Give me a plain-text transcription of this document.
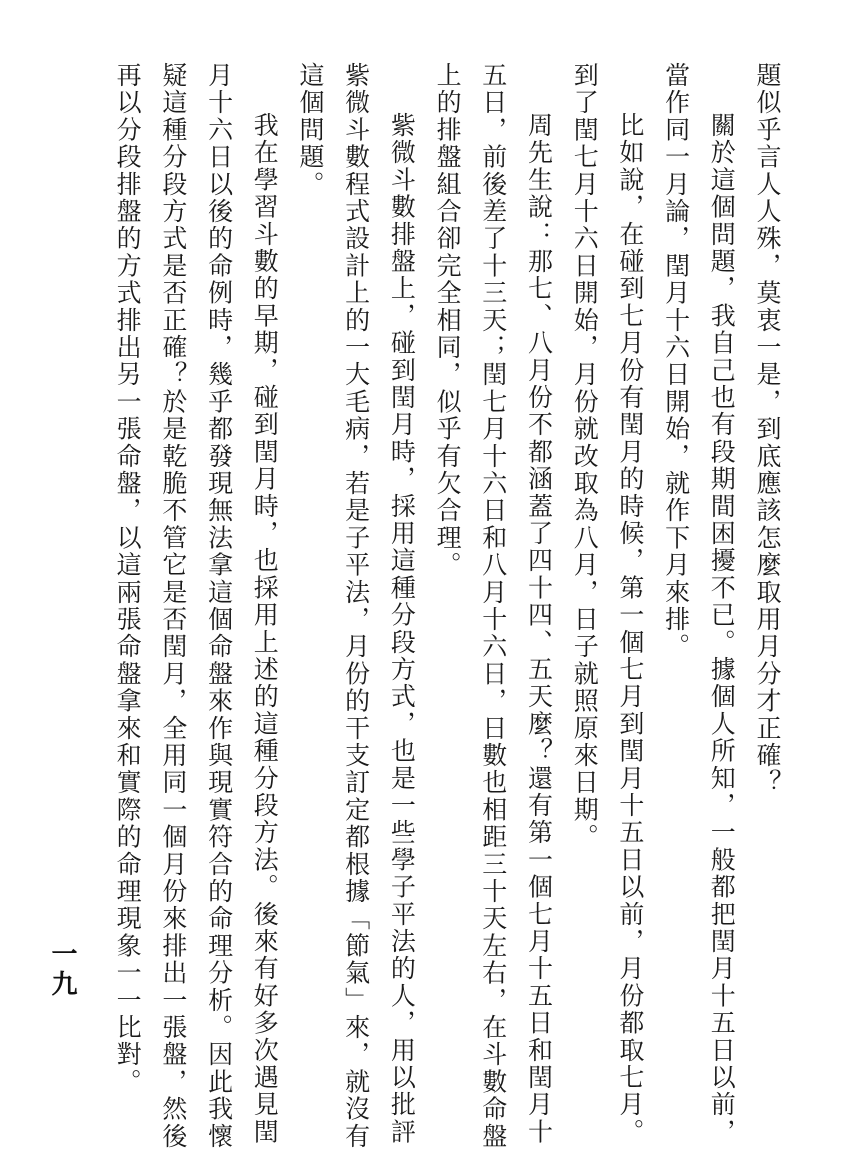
題似乎言人人殊，莫衷一是，到底應該怎麼取用月分才正確？
關於這個問題，我自己也有段期間困擾不已。據個人所知，一般都把閏月十五日以前，
當作同一月論，閏月十六日開始，就作下月來排。
比如說，在碰到七月份有閏月的時候，第一個七月到閏月十五日以前，月份都取七月。
到了閏七月十六日開始，月份就改取為八月，日子就照原來日期。
周先生說：那七、八月份不都涵蓋了四十四、五天麼？還有第一個七月十五日和閏月十
五日，前後差了十三天；閏七月十六日和八月十六日，日數也相距三十天左右，在斗數命盤
上的排盤組合卻完全相同，似乎有欠合理。
紫微斗數排盤上，碰到閏月時，採用這種分段方式，也是一些學子平法的人，用以批評
紫微斗數程式設計上的一大毛病，若是子平法，月份的干支訂定都根據「節氣」來，就沒有
這個問題。
我在學習斗數的早期，碰到閏月時，也採用上述的這種分段方法。後來有好多次遇見閏
月十六日以後的命例時，幾乎都發現無法拿這個命盤來作與現實符合的命理分析。因此我懷
疑這種分段方式是否正確？於是乾脆不管它是否閏月，全用同一個月份來排出一張盤，然後
再以分段排盤的方式排出另一張命盤，以這兩張命盤拿來和實際的命理現象一一比對。
一九
